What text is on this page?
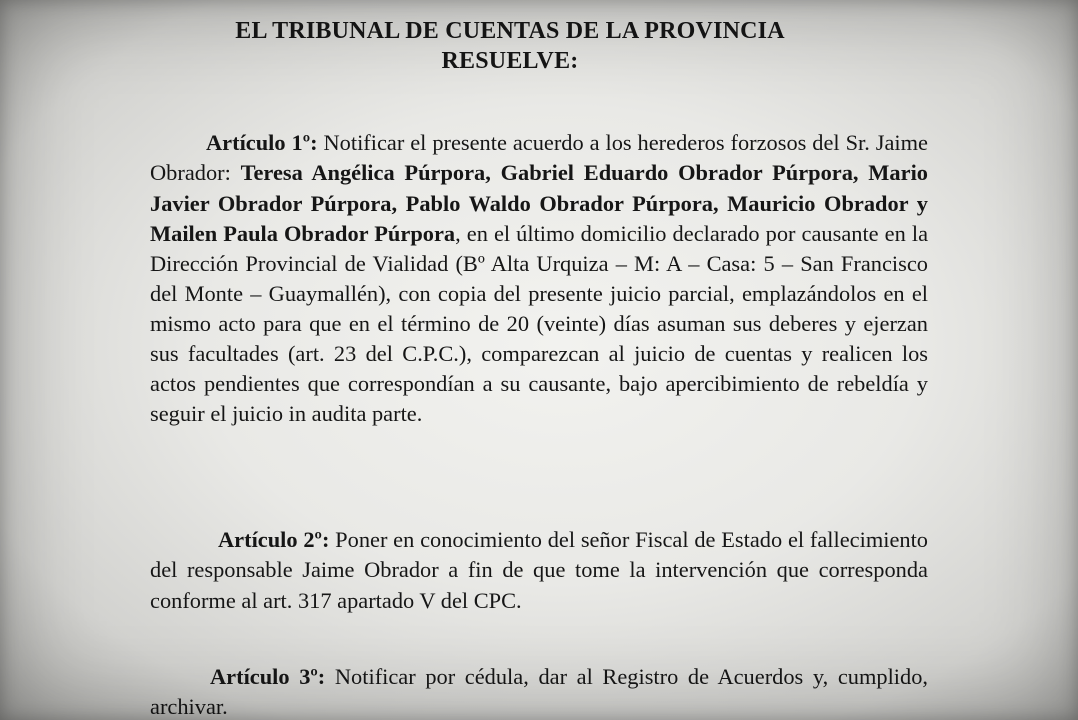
EL TRIBUNAL DE CUENTAS DE LA PROVINCIA
RESUELVE:

Artículo 1º: Notificar el presente acuerdo a los herederos forzosos del Sr. Jaime Obrador: Teresa Angélica Púrpora, Gabriel Eduardo Obrador Púrpora, Mario Javier Obrador Púrpora, Pablo Waldo Obrador Púrpora, Mauricio Obrador y Mailen Paula Obrador Púrpora, en el último domicilio declarado por causante en la Dirección Provincial de Vialidad (Bº Alta Urquiza – M: A – Casa: 5 – San Francisco del Monte – Guaymallén), con copia del presente juicio parcial, emplazándolos en el mismo acto para que en el término de 20 (veinte) días asuman sus deberes y ejerzan sus facultades (art. 23 del C.P.C.), comparezcan al juicio de cuentas y realicen los actos pendientes que correspondían a su causante, bajo apercibimiento de rebeldía y seguir el juicio in audita parte.

Artículo 2º: Poner en conocimiento del señor Fiscal de Estado el fallecimiento del responsable Jaime Obrador a fin de que tome la intervención que corresponda conforme al art. 317 apartado V del CPC.

Artículo 3º: Notificar por cédula, dar al Registro de Acuerdos y, cumplido, archivar.
